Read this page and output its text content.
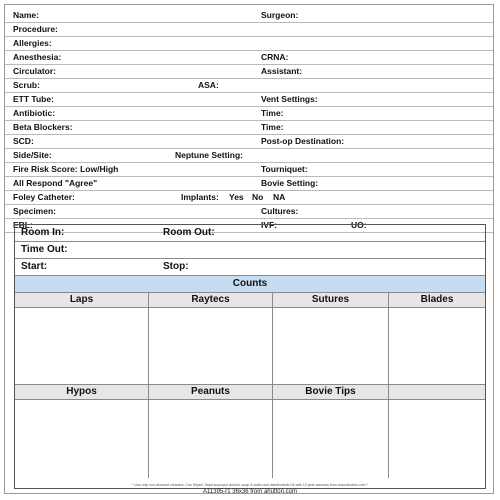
Name:	Surgeon:
Procedure:
Allergies:
Anesthesia:	CRNA:
Circulator:	Assistant:
Scrub:	ASA:
ETT Tube:	Vent Settings:
Antibiotic:	Time:
Beta Blockers:	Time:
SCD:	Post-op Destination:
Side/Site:	Neptune Setting:
Fire Risk Score: Low/High	Tourniquet:
All Respond "Agree"	Bovie Setting:
Foley Catheter:	Implants: Yes No NA
Specimen:	Cultures:
EBL:	IVF:	UO:
Room In:	Room Out:
Time Out:
Start:	Stop:
Counts
Laps	Raytecs	Sutures	Blades
Hypos	Peanuts	Bovie Tips
* Use only non-abrasive cleaners. Can Wipes: Sapa isopropyl alcohol, soap & water and disinfectants Ok with 10 year warranty from www.ahutton.com *
A11395-r1 36x36 from ahutton.com
